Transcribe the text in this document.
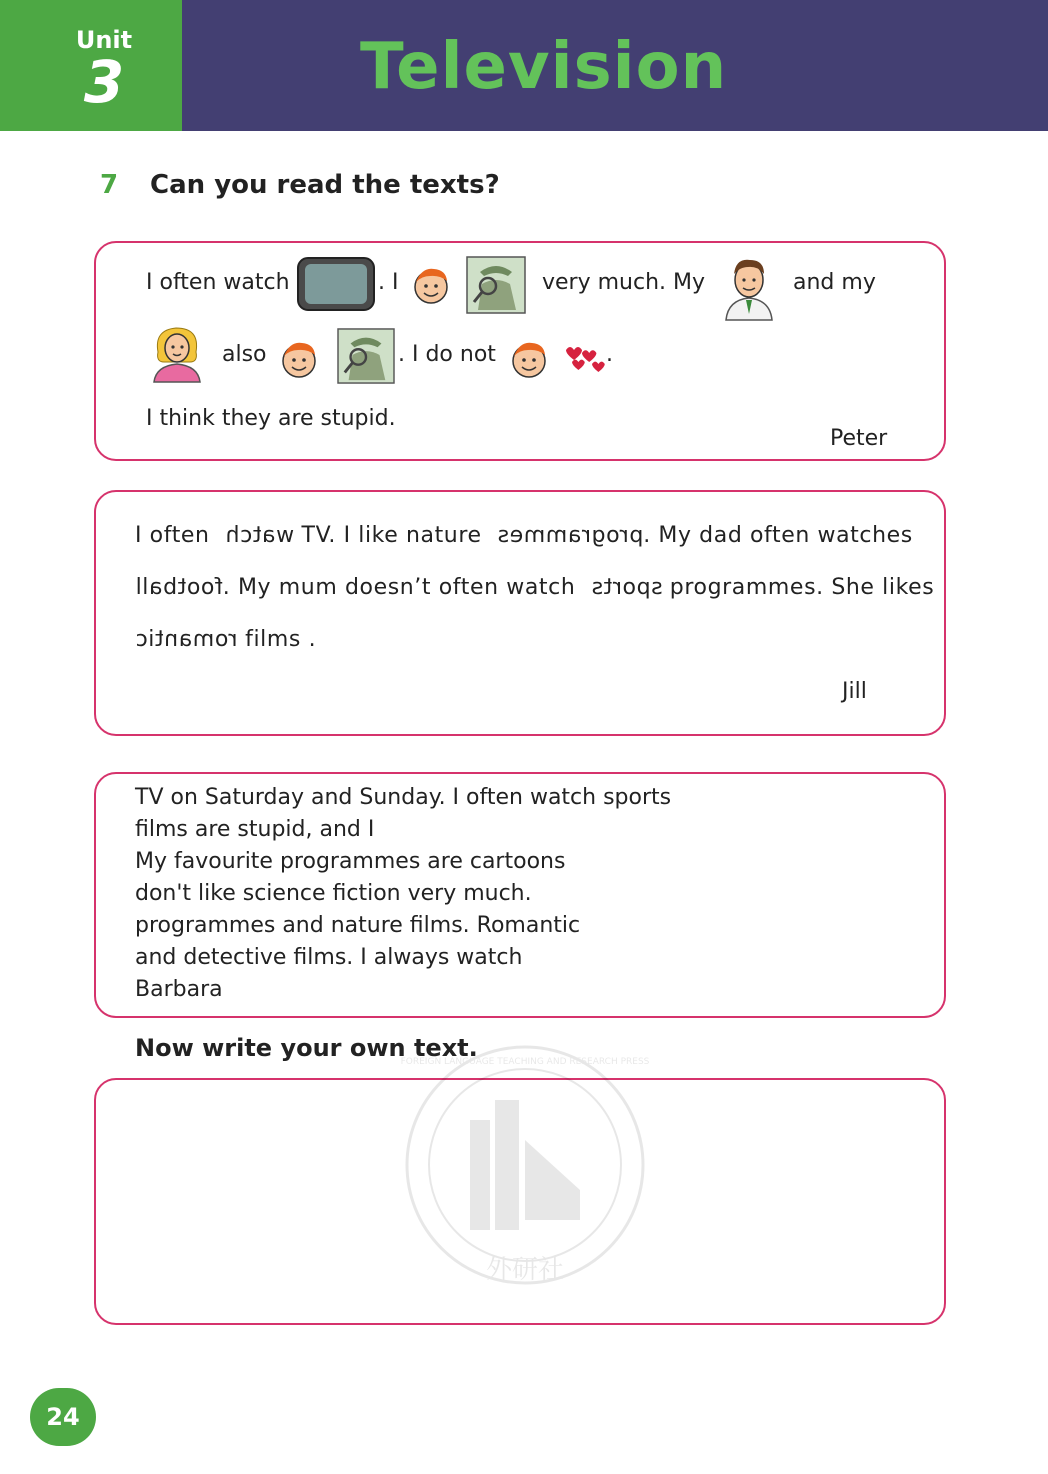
Unit
3	Television
7 Can you read the texts?
I often watch	. I	very much. My	and my
also	. I do not	.
I think they are stupid.
Peter
I often watch TV. I like nature programmes. My dad often watches
football. My mum doesn’t often watch sports programmes. She likes
romantic films .
Jill
TV on Saturday and Sunday. I often watch sports
films are stupid, and I
My favourite programmes are cartoons
don't like science fiction very much.
programmes and nature films. Romantic
and detective films. I always watch
Barbara
Now write your own text.
外研社
FOREIGN LANGUAGE TEACHING AND RESEARCH PRESS
24
